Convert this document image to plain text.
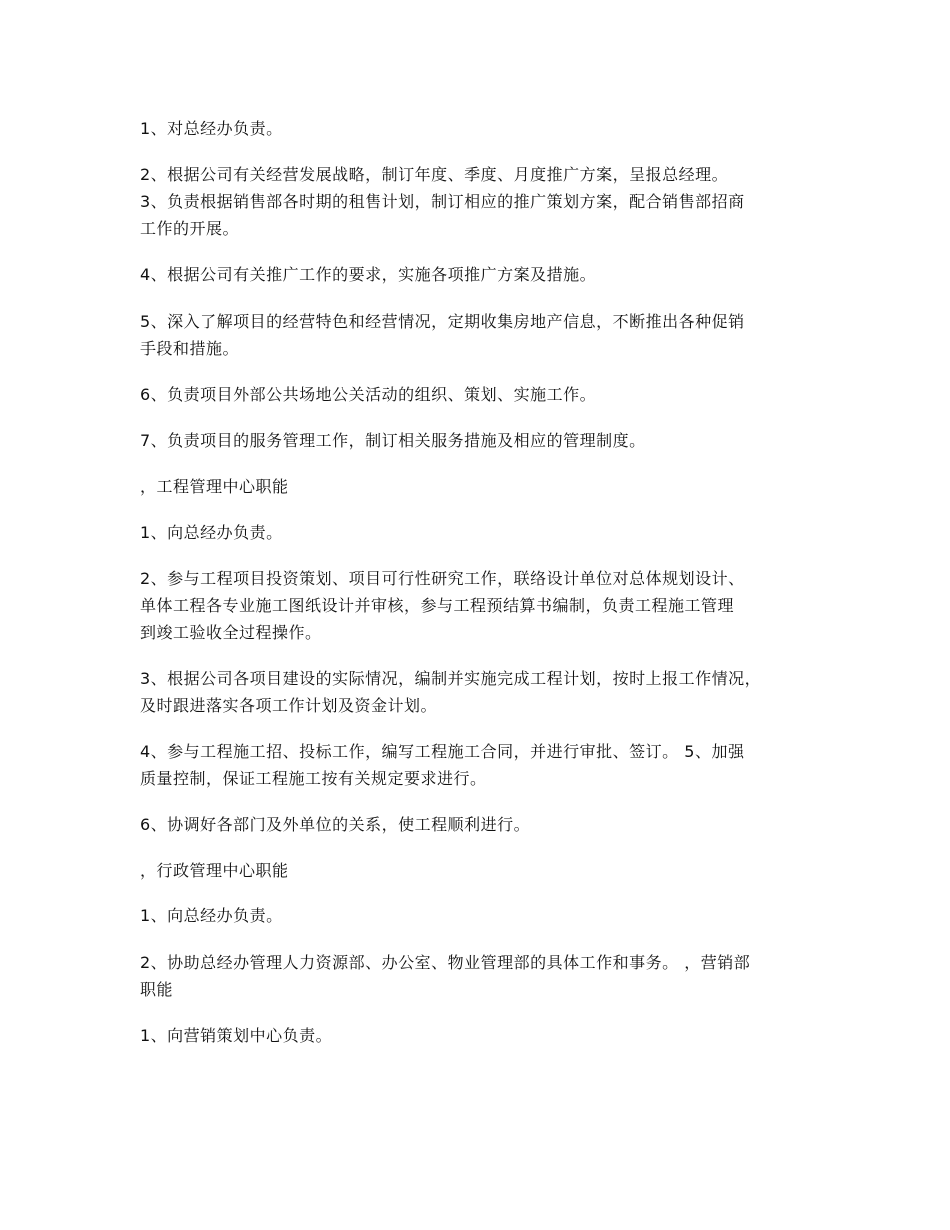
1、对总经办负责。
2、根据公司有关经营发展战略，制订年度、季度、月度推广方案，呈报总经理。
3、负责根据销售部各时期的租售计划，制订相应的推广策划方案，配合销售部招商
工作的开展。
4、根据公司有关推广工作的要求，实施各项推广方案及措施。
5、深入了解项目的经营特色和经营情况，定期收集房地产信息，不断推出各种促销
手段和措施。
6、负责项目外部公共场地公关活动的组织、策划、实施工作。
7、负责项目的服务管理工作，制订相关服务措施及相应的管理制度。
，工程管理中心职能
1、向总经办负责。
2、参与工程项目投资策划、项目可行性研究工作，联络设计单位对总体规划设计、
单体工程各专业施工图纸设计并审核，参与工程预结算书编制，负责工程施工管理
到竣工验收全过程操作。
3、根据公司各项目建设的实际情况，编制并实施完成工程计划，按时上报工作情况，
及时跟进落实各项工作计划及资金计划。
4、参与工程施工招、投标工作，编写工程施工合同，并进行审批、签订。 5、加强
质量控制，保证工程施工按有关规定要求进行。
6、协调好各部门及外单位的关系，使工程顺利进行。
，行政管理中心职能
1、向总经办负责。
2、协助总经办管理人力资源部、办公室、物业管理部的具体工作和事务。 ，营销部
职能
1、向营销策划中心负责。
